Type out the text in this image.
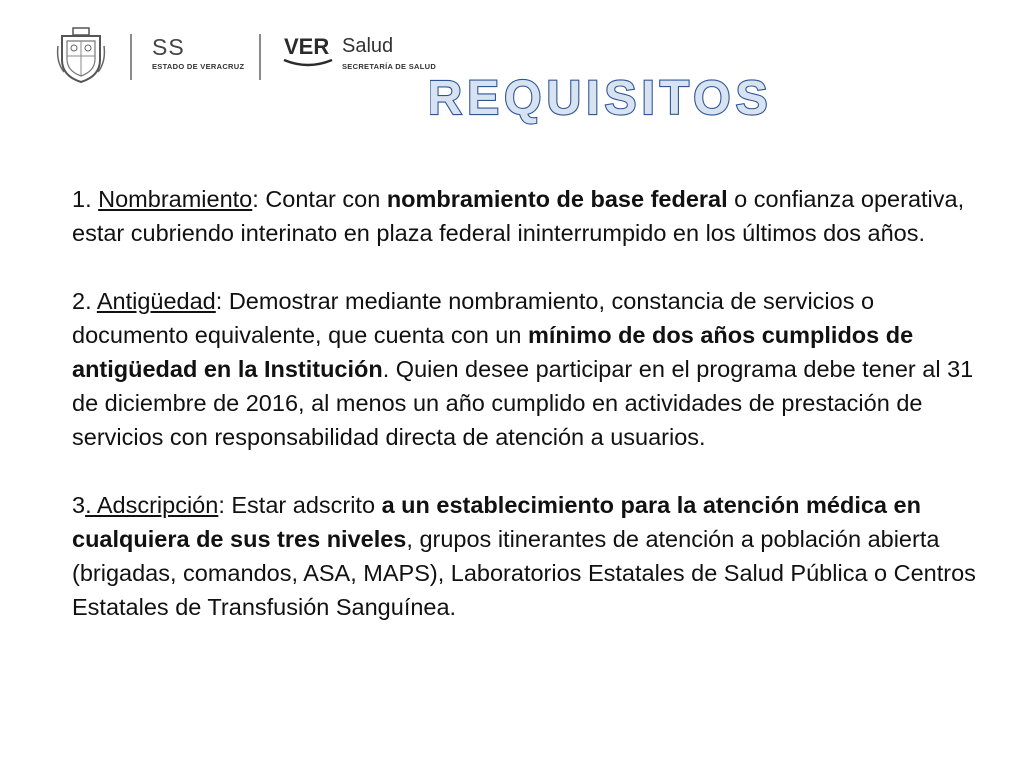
SS
ESTADO DE VERACRUZ
VER Salud
SECRETARÍA DE SALUD
REQUISITOS

1. Nombramiento: Contar con nombramiento de base federal o confianza operativa, estar cubriendo interinato en plaza federal ininterrumpido en los últimos dos años.

2. Antigüedad: Demostrar mediante nombramiento, constancia de servicios o documento equivalente, que cuenta con un mínimo de dos años cumplidos de antigüedad en la Institución. Quien desee participar en el programa debe tener al 31 de diciembre de 2016, al menos un año cumplido en actividades de prestación de servicios con responsabilidad directa de atención a usuarios.

3. Adscripción: Estar adscrito a un establecimiento para la atención médica en cualquiera de sus tres niveles, grupos itinerantes de atención a población abierta (brigadas, comandos, ASA, MAPS), Laboratorios Estatales de Salud Pública o Centros Estatales de Transfusión Sanguínea.
